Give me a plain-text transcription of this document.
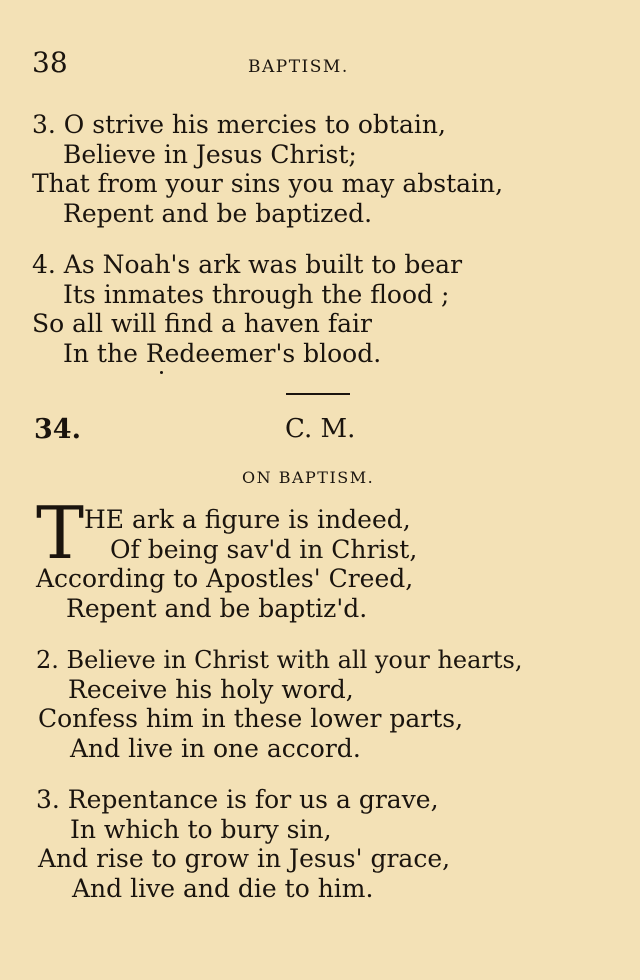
38	BAPTISM.
3. O strive his mercies to obtain,
Believe in Jesus Christ;
That from your sins you may abstain,
Repent and be baptized.
4. As Noah's ark was built to bear
Its inmates through the flood ;
So all will find a haven fair
In the Redeemer's blood.
34.	C. M.
ON BAPTISM.
T HE ark a figure is indeed,
Of being sav'd in Christ,
According to Apostles' Creed,
Repent and be baptiz'd.
2. Believe in Christ with all your hearts,
Receive his holy word,
Confess him in these lower parts,
And live in one accord.
3. Repentance is for us a grave,
In which to bury sin,
And rise to grow in Jesus' grace,
And live and die to him.
